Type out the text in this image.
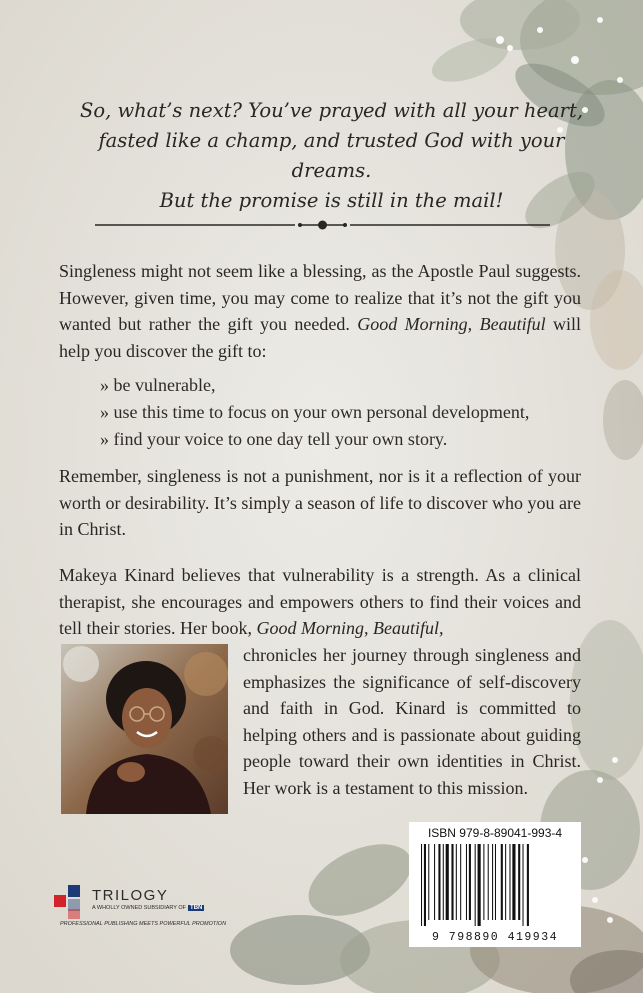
So, what’s next? You’ve prayed with all your heart,
fasted like a champ, and trusted God with your dreams.
But the promise is still in the mail!
Singleness might not seem like a blessing, as the Apostle Paul suggests. However, given time, you may come to realize that it’s not the gift you wanted but rather the gift you needed. Good Morning, Beautiful will help you discover the gift to:
» be vulnerable,
» use this time to focus on your own personal development,
» find your voice to one day tell your own story.
Remember, singleness is not a punishment, nor is it a reflection of your worth or desirability. It’s simply a season of life to discover who you are in Christ.
Makeya Kinard believes that vulnerability is a strength. As a clinical therapist, she encourages and empowers others to find their voices and tell their stories. Her book, Good Morning, Beautiful,
chronicles her journey through singleness and emphasizes the significance of self-discovery and faith in God. Kinard is committed to helping others and is passionate about guiding people toward their own identities in Christ. Her work is a testament to this mission.
ISBN 979-8-89041-993-4
9 798890 419934
TRILOGY
A WHOLLY OWNED SUBSIDIARY OF TBN
PROFESSIONAL PUBLISHING MEETS POWERFUL PROMOTION
